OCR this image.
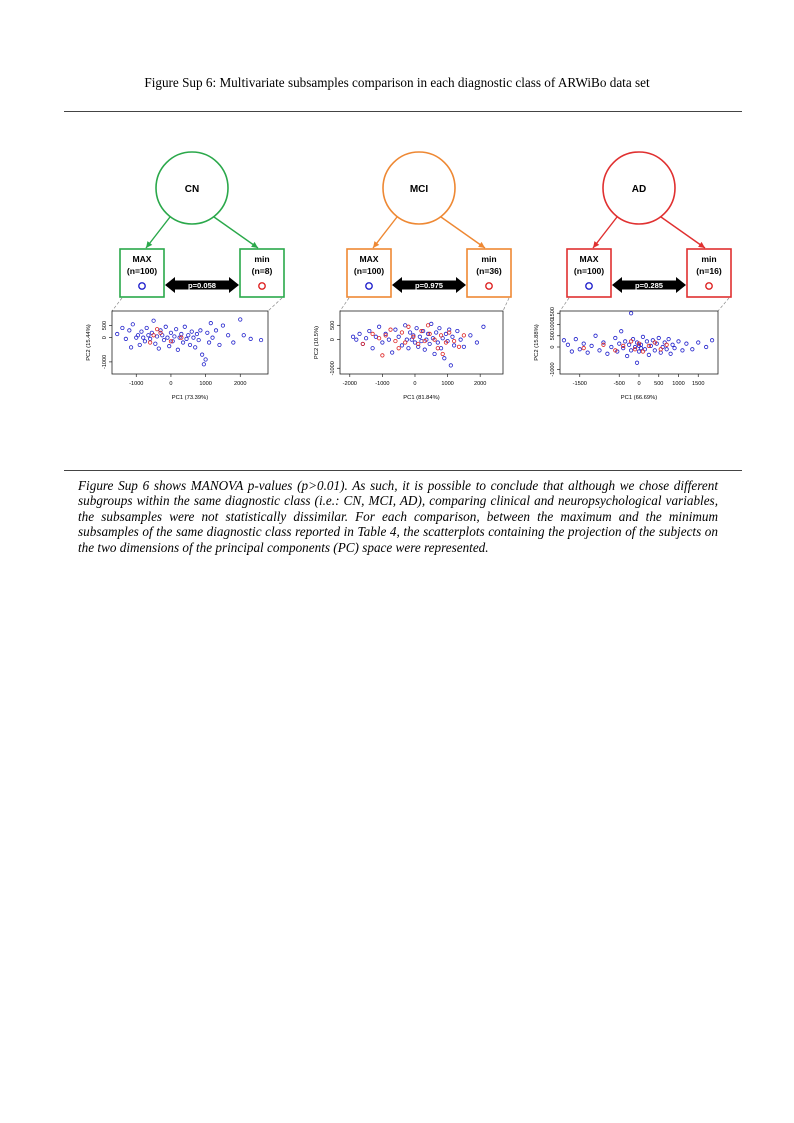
Figure Sup 6: Multivariate subsamples comparison in each diagnostic class of ARWiBo data set
CN
MAX
(n=100)
min
(n=8)
p=0.058
-1000	0	1000	2000
-1000
0
500
PC1 (73.39%)
PC2 (15.44%)
MCI
MAX
(n=100)
min
(n=36)
p=0.975
-2000	-1000	0	1000	2000
-1000
0
500
PC1 (81.84%)
PC2 (10.5%)
AD
MAX
(n=100)
min
(n=16)
p=0.285
-1500	-500 0 500 1000 1500
-1000
0
500
1000
1500
PC1 (66.69%)
PC2 (15.88%)

Figure Sup 6 shows MANOVA p-values (p>0.01). As such, it is possible to conclude that although we chose different subgroups within the same diagnostic class (i.e.: CN, MCI, AD), comparing clinical and neuropsychological variables, the subsamples were not statistically dissimilar. For each comparison, between the maximum and the minimum subsamples of the same diagnostic class reported in Table 4, the scatterplots containing the projection of the subjects on the two dimensions of the principal components (PC) space were represented.
